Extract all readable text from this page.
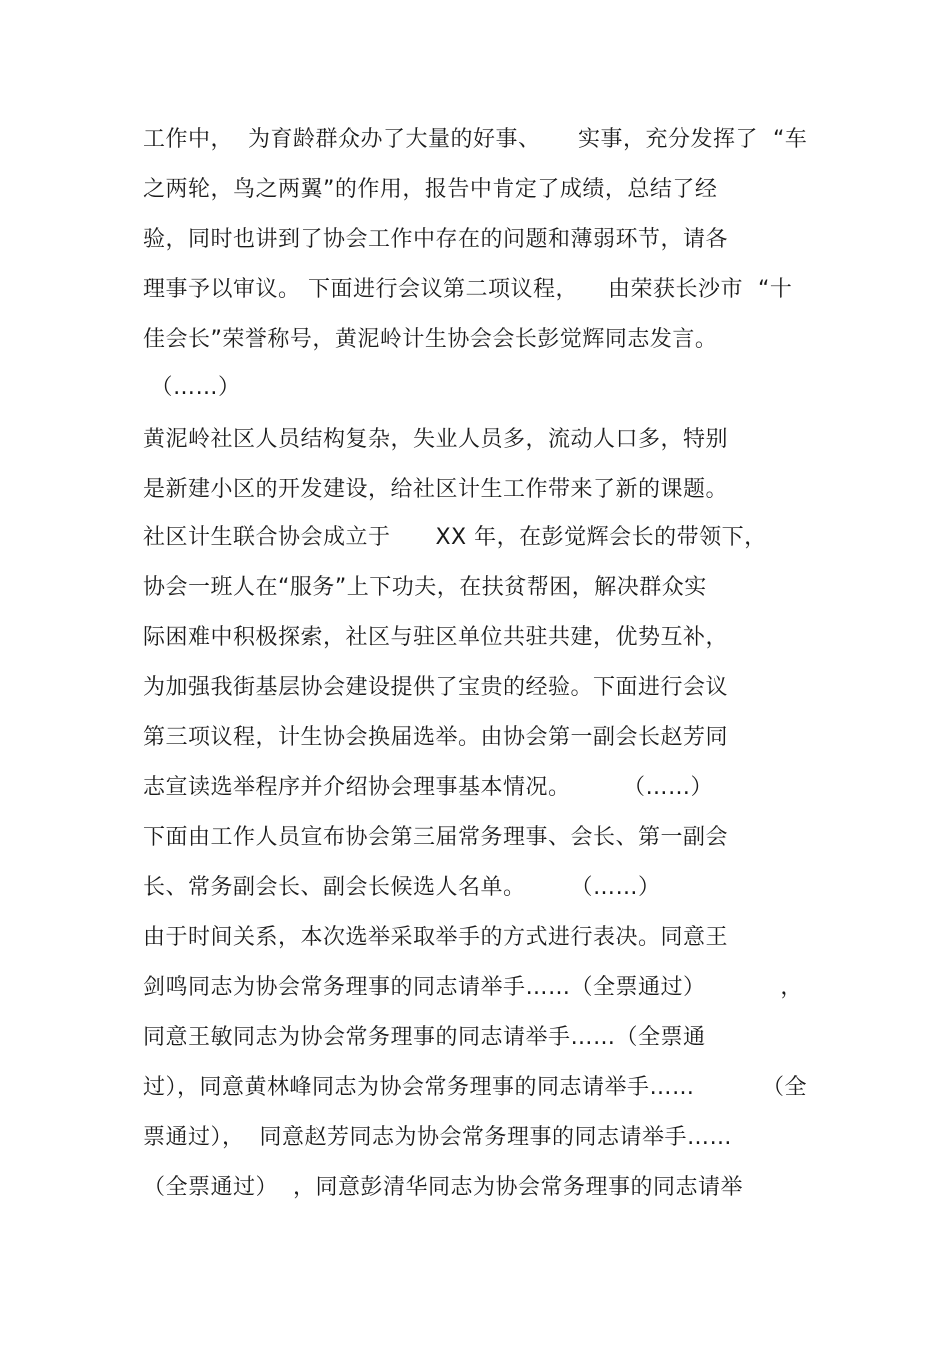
工作中，  为育龄群众办了大量的好事、     实事，充分发挥了  “车
之两轮，鸟之两翼”的作用，报告中肯定了成绩，总结了经
验，同时也讲到了协会工作中存在的问题和薄弱环节，请各
理事予以审议。 下面进行会议第二项议程，    由荣获长沙市  “十
佳会长”荣誉称号，黄泥岭计生协会会长彭觉辉同志发言。
（……）
黄泥岭社区人员结构复杂，失业人员多，流动人口多，特别
是新建小区的开发建设，给社区计生工作带来了新的课题。
社区计生联合协会成立于      XX 年，在彭觉辉会长的带领下，
协会一班人在“服务”上下功夫，在扶贫帮困，解决群众实
际困难中积极探索，社区与驻区单位共驻共建，优势互补，
为加强我街基层协会建设提供了宝贵的经验。下面进行会议
第三项议程，计生协会换届选举。由协会第一副会长赵芳同
志宣读选举程序并介绍协会理事基本情况。       （……）
下面由工作人员宣布协会第三届常务理事、会长、第一副会
长、常务副会长、副会长候选人名单。      （……）
由于时间关系，本次选举采取举手的方式进行表决。同意王
剑鸣同志为协会常务理事的同志请举手……（全票通过）          ，
同意王敏同志为协会常务理事的同志请举手……（全票通
过），同意黄林峰同志为协会常务理事的同志请举手……         （全
票通过），  同意赵芳同志为协会常务理事的同志请举手……
（全票通过）  ，同意彭清华同志为协会常务理事的同志请举
